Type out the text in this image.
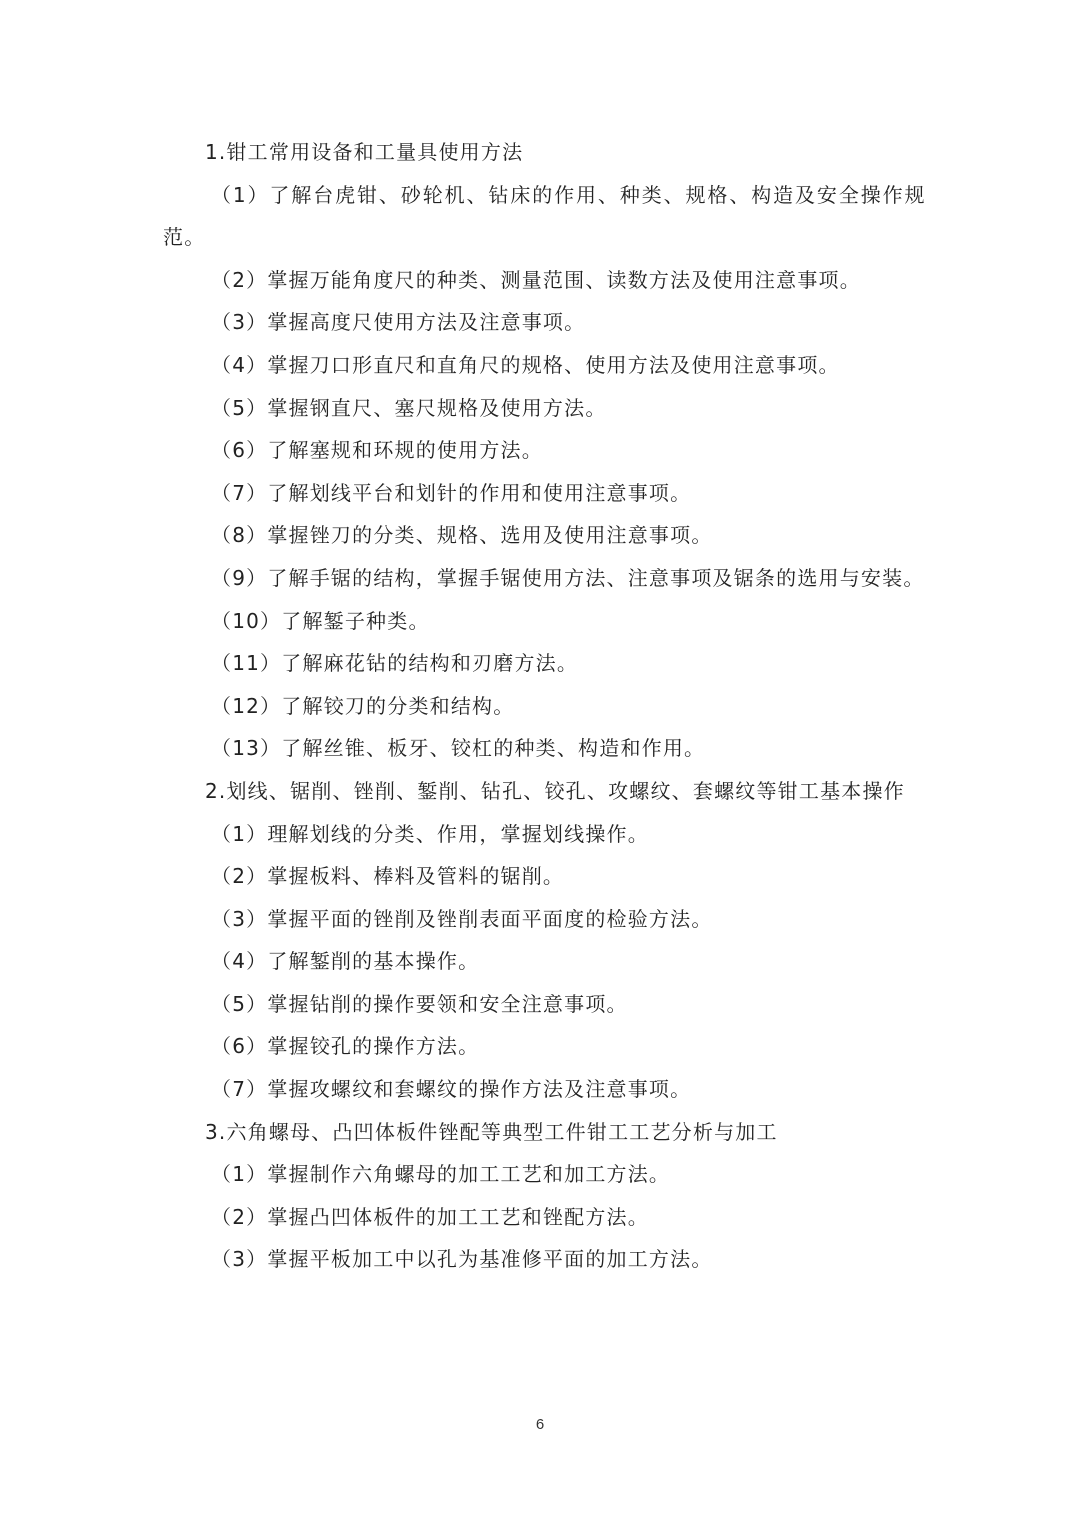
1.钳工常用设备和工量具使用方法
（1）了解台虎钳、砂轮机、钻床的作用、种类、规格、构造及安全操作规
范。
（2）掌握万能角度尺的种类、测量范围、读数方法及使用注意事项。
（3）掌握高度尺使用方法及注意事项。
（4）掌握刀口形直尺和直角尺的规格、使用方法及使用注意事项。
（5）掌握钢直尺、塞尺规格及使用方法。
（6）了解塞规和环规的使用方法。
（7）了解划线平台和划针的作用和使用注意事项。
（8）掌握锉刀的分类、规格、选用及使用注意事项。
（9）了解手锯的结构，掌握手锯使用方法、注意事项及锯条的选用与安装。
（10）了解錾子种类。
（11）了解麻花钻的结构和刃磨方法。
（12）了解铰刀的分类和结构。
（13）了解丝锥、板牙、铰杠的种类、构造和作用。
2.划线、锯削、锉削、錾削、钻孔、铰孔、攻螺纹、套螺纹等钳工基本操作
（1）理解划线的分类、作用，掌握划线操作。
（2）掌握板料、棒料及管料的锯削。
（3）掌握平面的锉削及锉削表面平面度的检验方法。
（4）了解錾削的基本操作。
（5）掌握钻削的操作要领和安全注意事项。
（6）掌握铰孔的操作方法。
（7）掌握攻螺纹和套螺纹的操作方法及注意事项。
3.六角螺母、凸凹体板件锉配等典型工件钳工工艺分析与加工
（1）掌握制作六角螺母的加工工艺和加工方法。
（2）掌握凸凹体板件的加工工艺和锉配方法。
（3）掌握平板加工中以孔为基准修平面的加工方法。
6
